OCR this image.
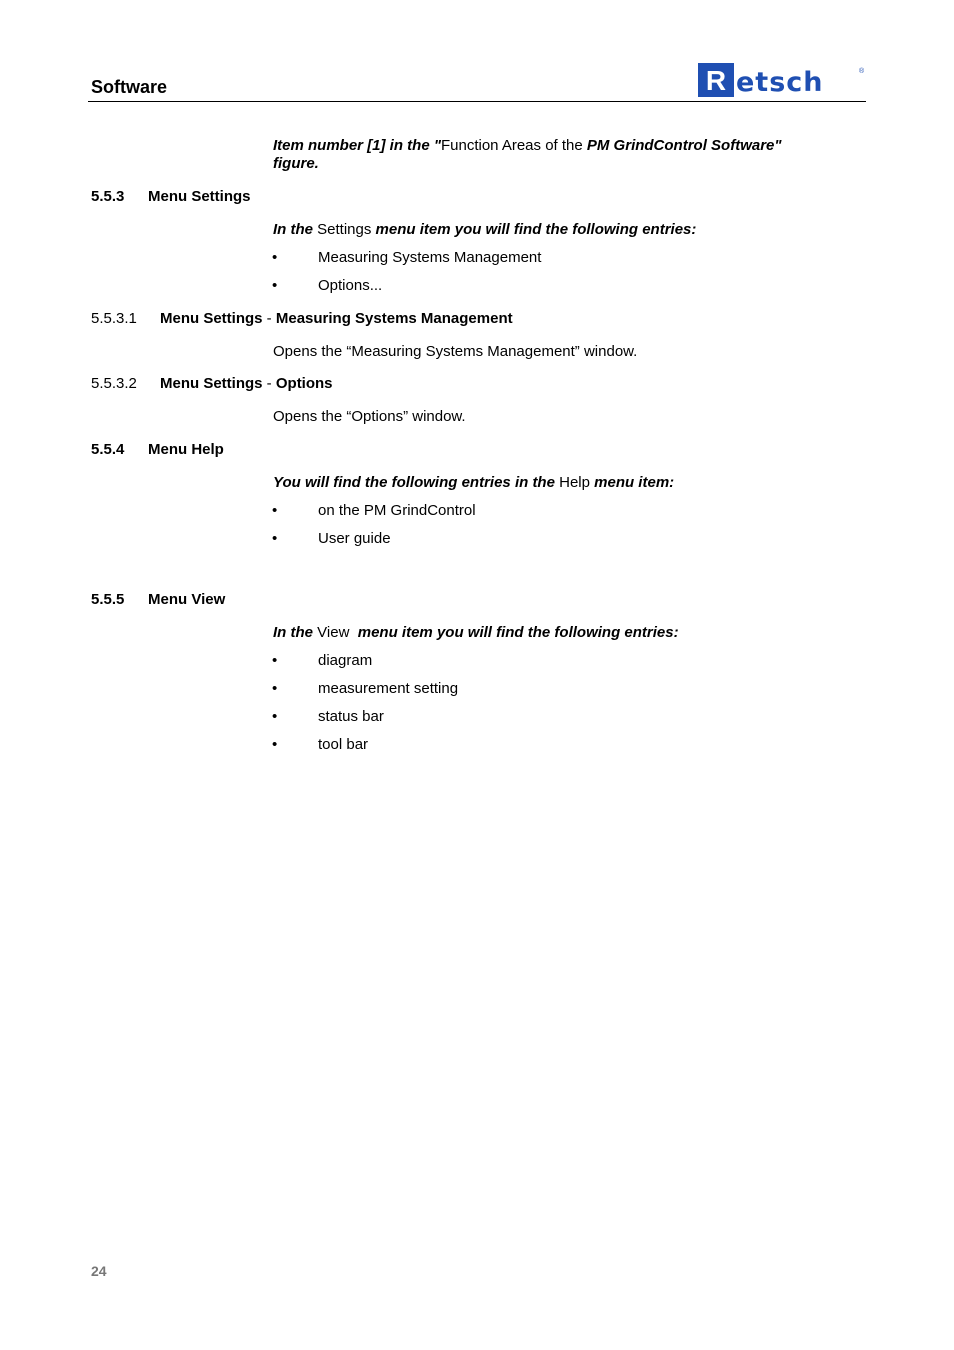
Software	R etsch	®
Item number [1] in the "Function Areas of the PM GrindControl Software"
figure.
5.5.3 Menu Settings
In the Settings menu item you will find the following entries:
•	Measuring Systems Management
•	Options...
5.5.3.1 Menu Settings - Measuring Systems Management
Opens the “Measuring Systems Management” window.
5.5.3.2 Menu Settings - Options
Opens the “Options” window.
5.5.4 Menu Help
You will find the following entries in the Help menu item:
•	on the PM GrindControl
•	User guide
5.5.5 Menu View
In the View  menu item you will find the following entries:
•	diagram
•	measurement setting
•	status bar
•	tool bar
24
